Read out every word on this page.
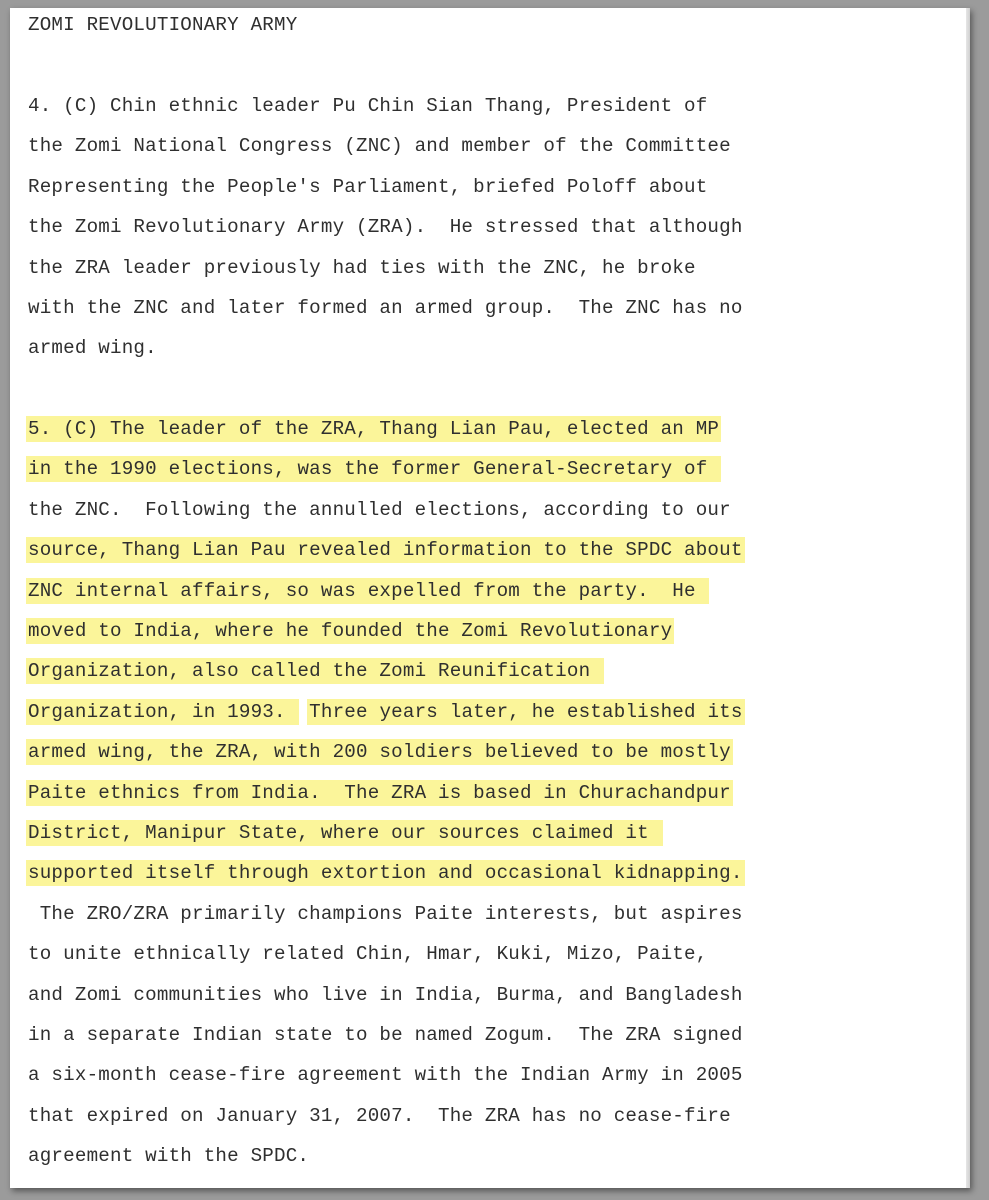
ZOMI REVOLUTIONARY ARMY
4. (C) Chin ethnic leader Pu Chin Sian Thang, President of
the Zomi National Congress (ZNC) and member of the Committee
Representing the People's Parliament, briefed Poloff about
the Zomi Revolutionary Army (ZRA).  He stressed that although
the ZRA leader previously had ties with the ZNC, he broke
with the ZNC and later formed an armed group.  The ZNC has no
armed wing.
5. (C) The leader of the ZRA, Thang Lian Pau, elected an MP
in the 1990 elections, was the former General-Secretary of
the ZNC.  Following the annulled elections, according to our
source, Thang Lian Pau revealed information to the SPDC about
ZNC internal affairs, so was expelled from the party.  He
moved to India, where he founded the Zomi Revolutionary
Organization, also called the Zomi Reunification
Organization, in 1993.  Three years later, he established its
armed wing, the ZRA, with 200 soldiers believed to be mostly
Paite ethnics from India.  The ZRA is based in Churachandpur
District, Manipur State, where our sources claimed it
supported itself through extortion and occasional kidnapping.
The ZRO/ZRA primarily champions Paite interests, but aspires
to unite ethnically related Chin, Hmar, Kuki, Mizo, Paite,
and Zomi communities who live in India, Burma, and Bangladesh
in a separate Indian state to be named Zogum.  The ZRA signed
a six-month cease-fire agreement with the Indian Army in 2005
that expired on January 31, 2007.  The ZRA has no cease-fire
agreement with the SPDC.
